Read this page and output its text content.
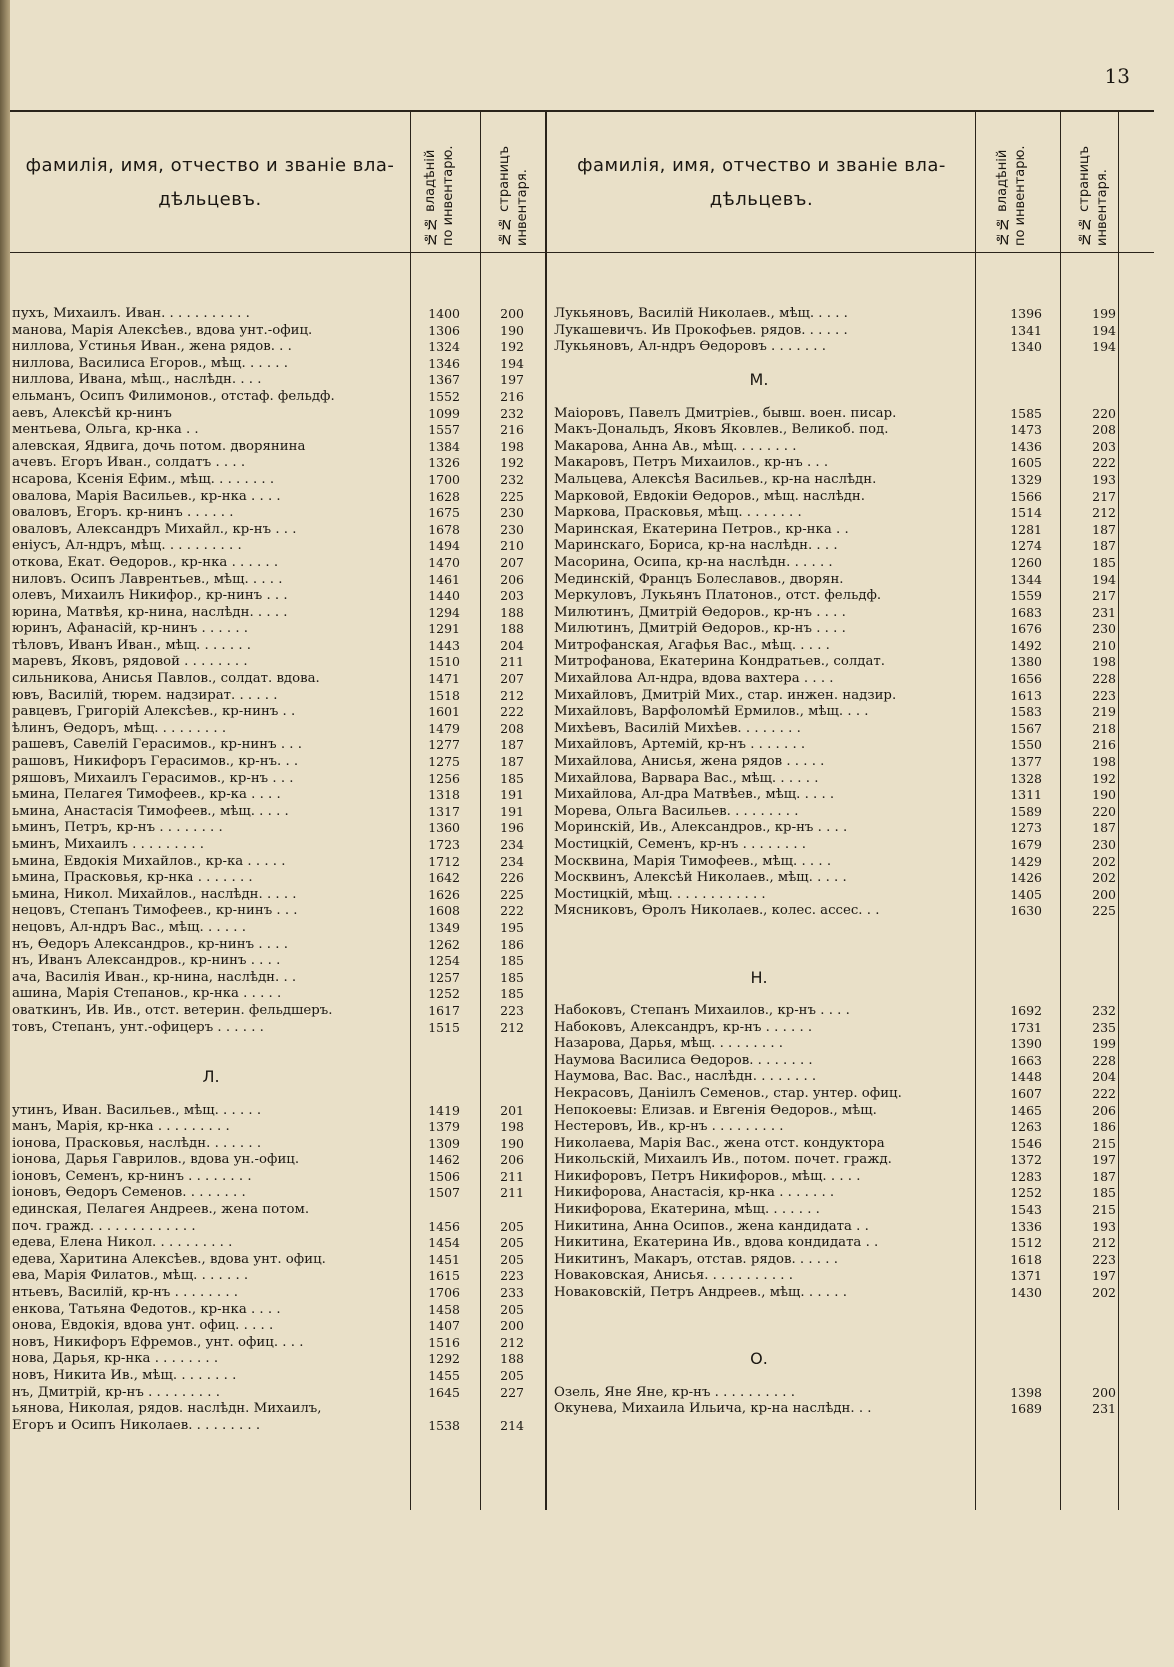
13
фамилія, имя, отчество и званіе вла-
дѣльцевъ.
№№ владѣній
по инвентарю.
№№ страницъ
инвентаря.
фамилія, имя, отчество и званіе вла-
дѣльцевъ.
№№ владѣній
по инвентарю.
№№ страницъ
инвентаря.
пухъ, Михаилъ. Иван. . . . . . . . . . .	1400	200
манова, Марія Алексѣев., вдова унт.-офиц.	1306	190
ниллова, Устинья Иван., жена рядов. . .	1324	192
ниллова, Василиса Егоров., мѣщ. . . . . .	1346	194
ниллова, Ивана, мѣщ., наслѣдн. . . .	1367	197
ельманъ, Осипъ Филимонов., отстаф. фельдф.	1552	216
аевъ, Алексѣй кр-нинъ	1099	232
ментьева, Ольга, кр-нка . .	1557	216
алевская, Ядвига, дочь потом. дворянина	1384	198
ачевъ. Егоръ Иван., солдатъ . . . .	1326	192
нсарова, Ксенія Ефим., мѣщ. . . . . . . .	1700	232
овалова, Марія Васильев., кр-нка . . . .	1628	225
оваловъ, Егоръ. кр-нинъ . . . . . .	1675	230
оваловъ, Александръ Михайл., кр-нъ . . .	1678	230
еніусъ, Ал-ндръ, мѣщ. . . . . . . . . .	1494	210
откова, Екат. Ѳедоров., кр-нка . . . . . .	1470	207
ниловъ. Осипъ Лаврентьев., мѣщ. . . . .	1461	206
олевъ, Михаилъ Никифор., кр-нинъ . . .	1440	203
юрина, Матвѣя, кр-нина, наслѣдн. . . . .	1294	188
юринъ, Афанасій, кр-нинъ . . . . . .	1291	188
тѣловъ, Иванъ Иван., мѣщ. . . . . . .	1443	204
маревъ, Яковъ, рядовой . . . . . . . .	1510	211
сильникова, Анисья Павлов., солдат. вдова.	1471	207
ювъ, Василій, тюрем. надзират. . . . . .	1518	212
равцевъ, Григорій Алексѣев., кр-нинъ . .	1601	222
ѣлинъ, Ѳедоръ, мѣщ. . . . . . . . .	1479	208
рашевъ, Савелій Герасимов., кр-нинъ . . .	1277	187
рашовъ, Никифоръ Герасимов., кр-нъ. . .	1275	187
ряшовъ, Михаилъ Герасимов., кр-нъ . . .	1256	185
ьмина, Пелагея Тимофеев., кр-ка . . . .	1318	191
ьмина, Анастасія Тимофеев., мѣщ. . . . .	1317	191
ьминъ, Петръ, кр-нъ . . . . . . . .	1360	196
ьминъ, Михаилъ . . . . . . . . .	1723	234
ьмина, Евдокія Михайлов., кр-ка . . . . .	1712	234
ьмина, Прасковья, кр-нка . . . . . . .	1642	226
ьмина, Никол. Михайлов., наслѣдн. . . . .	1626	225
нецовъ, Степанъ Тимофеев., кр-нинъ . . .	1608	222
нецовъ, Ал-ндръ Вас., мѣщ. . . . . .	1349	195
нъ, Ѳедоръ Александров., кр-нинъ . . . .	1262	186
нъ, Иванъ Александров., кр-нинъ . . . .	1254	185
ача, Василія Иван., кр-нина, наслѣдн. . .	1257	185
ашина, Марія Степанов., кр-нка . . . . .	1252	185
оваткинъ, Ив. Ив., отст. ветерин. фельдшеръ.	1617	223
товъ, Степанъ, унт.-офицеръ . . . . . .	1515	212
Л.
утинъ, Иван. Васильев., мѣщ. . . . . .	1419	201
манъ, Марія, кр-нка . . . . . . . . .	1379	198
іонова, Прасковья, наслѣдн. . . . . . .	1309	190
іонова, Дарья Гаврилов., вдова ун.-офиц.	1462	206
іоновъ, Семенъ, кр-нинъ . . . . . . . .	1506	211
іоновъ, Ѳедоръ Семенов. . . . . . . .	1507	211
единская, Пелагея Андреев., жена потом.
поч. гражд. . . . . . . . . . . . .	1456	205
едева, Елена Никол. . . . . . . . . .	1454	205
едева, Харитина Алексѣев., вдова унт. офиц.	1451	205
ева, Марія Филатов., мѣщ. . . . . . .	1615	223
нтьевъ, Василій, кр-нъ . . . . . . . .	1706	233
енкова, Татьяна Федотов., кр-нка . . . .	1458	205
онова, Евдокія, вдова унт. офиц. . . . .	1407	200
новъ, Никифоръ Ефремов., унт. офиц. . . .	1516	212
нова, Дарья, кр-нка . . . . . . . .	1292	188
новъ, Никита Ив., мѣщ. . . . . . . .	1455	205
нъ, Дмитрій, кр-нъ . . . . . . . . .	1645	227
ьянова, Николая, рядов. наслѣдн. Михаилъ,
Егоръ и Осипъ Николаев. . . . . . . . .	1538	214
Лукьяновъ, Василій Николаев., мѣщ. . . . .	1396	199
Лукашевичъ. Ив Прокофьев. рядов. . . . . .	1341	194
Лукьяновъ, Ал-ндръ Ѳедоровъ . . . . . . .	1340	194
М.
Маіоровъ, Павелъ Дмитріев., бывш. воен. писар.	1585	220
Макъ-Дональдъ, Яковъ Яковлев., Великоб. под.	1473	208
Макарова, Анна Ав., мѣщ. . . . . . . .	1436	203
Макаровъ, Петръ Михаилов., кр-нъ . . .	1605	222
Мальцева, Алексѣя Васильев., кр-на наслѣдн.	1329	193
Марковой, Евдокіи Ѳедоров., мѣщ. наслѣдн.	1566	217
Маркова, Прасковья, мѣщ. . . . . . . .	1514	212
Маринская, Екатерина Петров., кр-нка . .	1281	187
Маринскаго, Бориса, кр-на наслѣдн. . . .	1274	187
Масорина, Осипа, кр-на наслѣдн. . . . . .	1260	185
Мединскій, Францъ Болеславов., дворян.	1344	194
Меркуловъ, Лукьянъ Платонов., отст. фельдф.	1559	217
Милютинъ, Дмитрій Ѳедоров., кр-нъ . . . .	1683	231
Милютинъ, Дмитрій Ѳедоров., кр-нъ . . . .	1676	230
Митрофанская, Агафья Вас., мѣщ. . . . .	1492	210
Митрофанова, Екатерина Кондратьев., солдат.	1380	198
Михайлова Ал-ндра, вдова вахтера . . . .	1656	228
Михайловъ, Дмитрій Мих., стар. инжен. надзир.	1613	223
Михайловъ, Варфоломѣй Ермилов., мѣщ. . . .	1583	219
Михѣевъ, Василій Михѣев. . . . . . . .	1567	218
Михайловъ, Артемій, кр-нъ . . . . . . .	1550	216
Михайлова, Анисья, жена рядов . . . . .	1377	198
Михайлова, Варвара Вас., мѣщ. . . . . .	1328	192
Михайлова, Ал-дра Матвѣев., мѣщ. . . . .	1311	190
Морева, Ольга Васильев. . . . . . . . .	1589	220
Моринскій, Ив., Александров., кр-нъ . . . .	1273	187
Мостицкій, Семенъ, кр-нъ . . . . . . . .	1679	230
Москвина, Марія Тимофеев., мѣщ. . . . .	1429	202
Москвинъ, Алексѣй Николаев., мѣщ. . . . .	1426	202
Мостицкій, мѣщ. . . . . . . . . . . .	1405	200
Мясниковъ, Ѳролъ Николаев., колес. ассес. . .	1630	225
Н.
Набоковъ, Степанъ Михаилов., кр-нъ . . . .	1692	232
Набоковъ, Александръ, кр-нъ . . . . . .	1731	235
Назарова, Дарья, мѣщ. . . . . . . . .	1390	199
Наумова Василиса Ѳедоров. . . . . . . .	1663	228
Наумова, Вас. Вас., наслѣдн. . . . . . . .	1448	204
Некрасовъ, Даніилъ Семенов., стар. унтер. офиц.	1607	222
Непокоевы: Елизав. и Евгенія Ѳедоров., мѣщ.	1465	206
Нестеровъ, Ив., кр-нъ . . . . . . . . .	1263	186
Николаева, Марія Вас., жена отст. кондуктора	1546	215
Никольскій, Михаилъ Ив., потом. почет. гражд.	1372	197
Никифоровъ, Петръ Никифоров., мѣщ. . . . .	1283	187
Никифорова, Анастасія, кр-нка . . . . . . .	1252	185
Никифорова, Екатерина, мѣщ. . . . . . .	1543	215
Никитина, Анна Осипов., жена кандидата . .	1336	193
Никитина, Екатерина Ив., вдова кондидата . .	1512	212
Никитинъ, Макаръ, отстав. рядов. . . . . .	1618	223
Новаковская, Анисья. . . . . . . . . . .	1371	197
Новаковскій, Петръ Андреев., мѣщ. . . . . .	1430	202
О.
Озель, Яне Яне, кр-нъ . . . . . . . . . .	1398	200
Окунева, Михаила Ильича, кр-на наслѣдн. . .	1689	231
